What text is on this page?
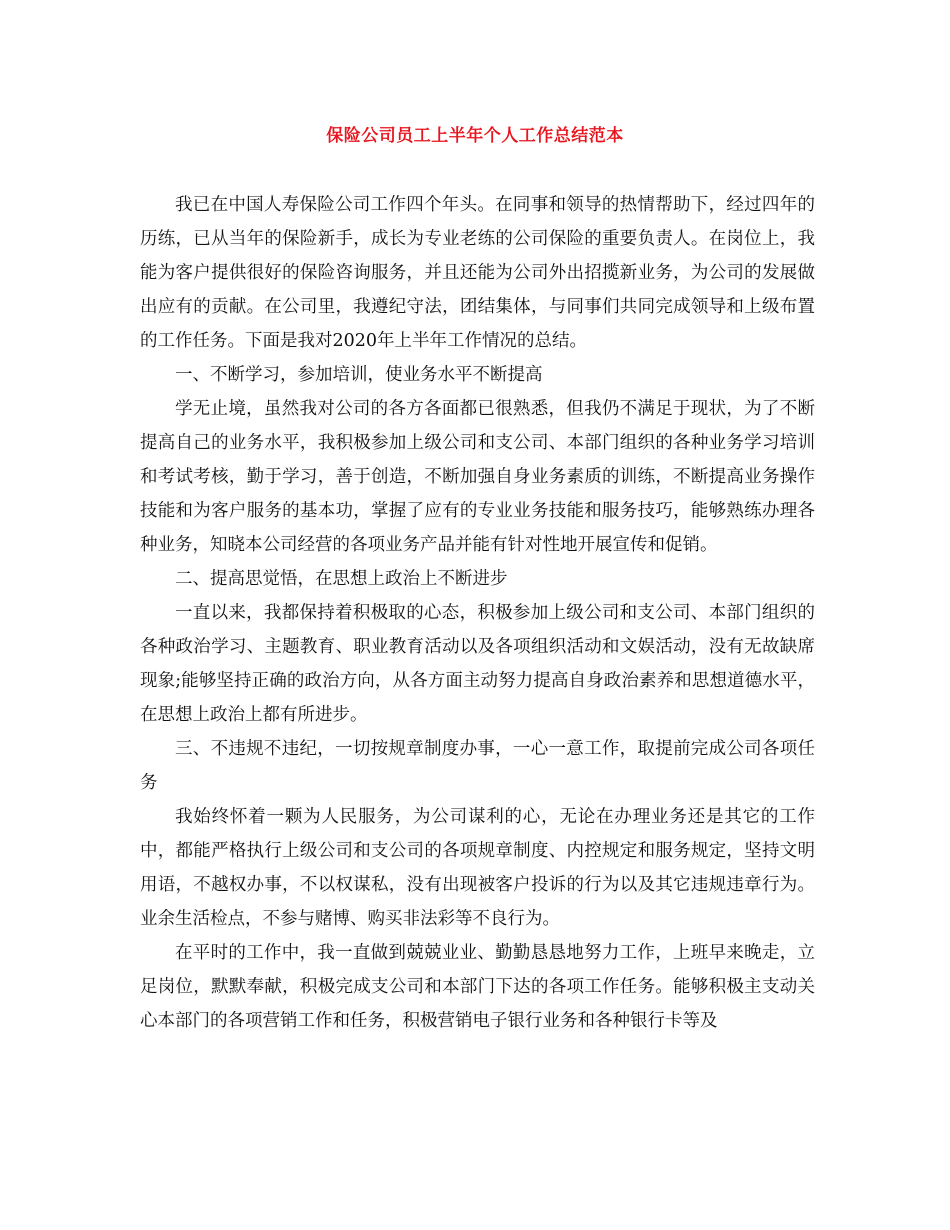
保险公司员工上半年个人工作总结范本

我已在中国人寿保险公司工作四个年头。在同事和领导的热情帮助下，经过四年的历练，已从当年的保险新手，成长为专业老练的公司保险的重要负责人。在岗位上，我能为客户提供很好的保险咨询服务，并且还能为公司外出招揽新业务，为公司的发展做出应有的贡献。在公司里，我遵纪守法，团结集体，与同事们共同完成领导和上级布置的工作任务。下面是我对2020年上半年工作情况的总结。

一、不断学习，参加培训，使业务水平不断提高

学无止境，虽然我对公司的各方各面都已很熟悉，但我仍不满足于现状，为了不断提高自己的业务水平，我积极参加上级公司和支公司、本部门组织的各种业务学习培训和考试考核，勤于学习，善于创造，不断加强自身业务素质的训练，不断提高业务操作技能和为客户服务的基本功，掌握了应有的专业业务技能和服务技巧，能够熟练办理各种业务，知晓本公司经营的各项业务产品并能有针对性地开展宣传和促销。

二、提高思觉悟，在思想上政治上不断进步

一直以来，我都保持着积极取的心态，积极参加上级公司和支公司、本部门组织的各种政治学习、主题教育、职业教育活动以及各项组织活动和文娱活动，没有无故缺席现象;能够坚持正确的政治方向，从各方面主动努力提高自身政治素养和思想道德水平，在思想上政治上都有所进步。

三、不违规不违纪，一切按规章制度办事，一心一意工作，取提前完成公司各项任务

我始终怀着一颗为人民服务，为公司谋利的心，无论在办理业务还是其它的工作中，都能严格执行上级公司和支公司的各项规章制度、内控规定和服务规定，坚持文明用语，不越权办事，不以权谋私，没有出现被客户投诉的行为以及其它违规违章行为。业余生活检点，不参与赌博、购买非法彩等不良行为。

在平时的工作中，我一直做到兢兢业业、勤勤恳恳地努力工作，上班早来晚走，立足岗位，默默奉献，积极完成支公司和本部门下达的各项工作任务。能够积极主支动关心本部门的各项营销工作和任务，积极营销电子银行业务和各种银行卡等及
